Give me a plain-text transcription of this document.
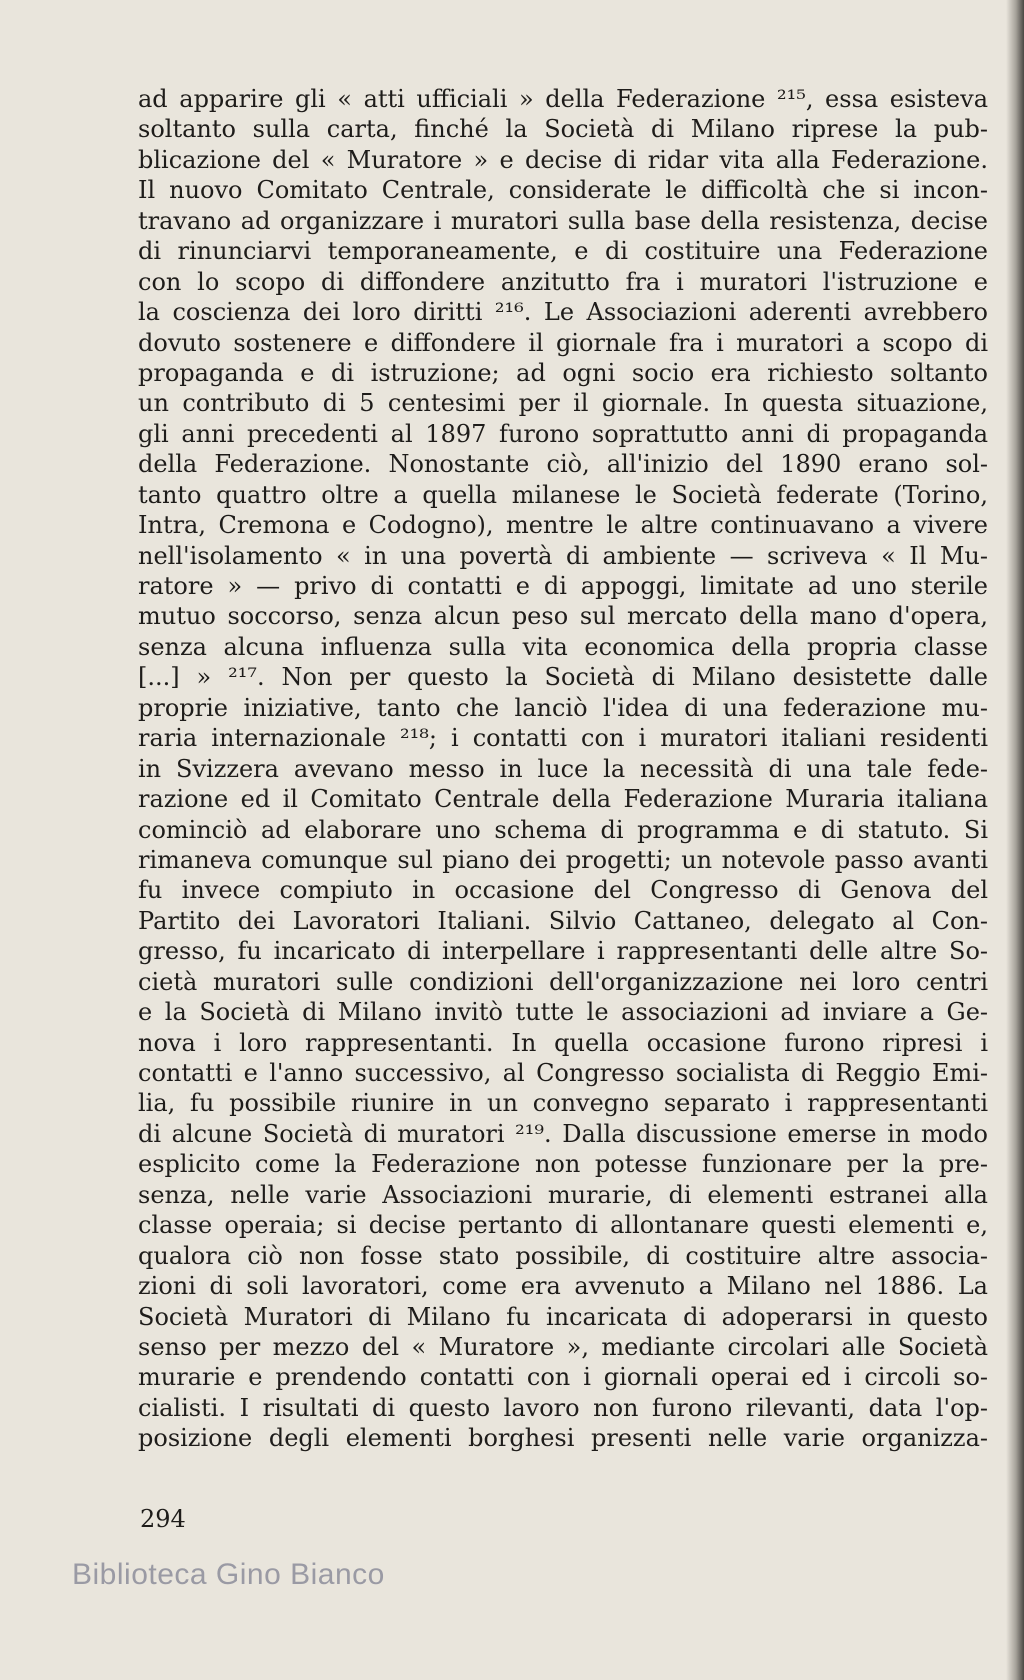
ad apparire gli « atti ufficiali » della Federazione ²¹⁵, essa esisteva
soltanto sulla carta, finché la Società di Milano riprese la pub-
blicazione del « Muratore » e decise di ridar vita alla Federazione.
Il nuovo Comitato Centrale, considerate le difficoltà che si incon-
travano ad organizzare i muratori sulla base della resistenza, decise
di rinunciarvi temporaneamente, e di costituire una Federazione
con lo scopo di diffondere anzitutto fra i muratori l'istruzione e
la coscienza dei loro diritti ²¹⁶. Le Associazioni aderenti avrebbero
dovuto sostenere e diffondere il giornale fra i muratori a scopo di
propaganda e di istruzione; ad ogni socio era richiesto soltanto
un contributo di 5 centesimi per il giornale. In questa situazione,
gli anni precedenti al 1897 furono soprattutto anni di propaganda
della Federazione. Nonostante ciò, all'inizio del 1890 erano sol-
tanto quattro oltre a quella milanese le Società federate (Torino,
Intra, Cremona e Codogno), mentre le altre continuavano a vivere
nell'isolamento « in una povertà di ambiente — scriveva « Il Mu-
ratore » — privo di contatti e di appoggi, limitate ad uno sterile
mutuo soccorso, senza alcun peso sul mercato della mano d'opera,
senza alcuna influenza sulla vita economica della propria classe
[...] » ²¹⁷. Non per questo la Società di Milano desistette dalle
proprie iniziative, tanto che lanciò l'idea di una federazione mu-
raria internazionale ²¹⁸; i contatti con i muratori italiani residenti
in Svizzera avevano messo in luce la necessità di una tale fede-
razione ed il Comitato Centrale della Federazione Muraria italiana
cominciò ad elaborare uno schema di programma e di statuto. Si
rimaneva comunque sul piano dei progetti; un notevole passo avanti
fu invece compiuto in occasione del Congresso di Genova del
Partito dei Lavoratori Italiani. Silvio Cattaneo, delegato al Con-
gresso, fu incaricato di interpellare i rappresentanti delle altre So-
cietà muratori sulle condizioni dell'organizzazione nei loro centri
e la Società di Milano invitò tutte le associazioni ad inviare a Ge-
nova i loro rappresentanti. In quella occasione furono ripresi i
contatti e l'anno successivo, al Congresso socialista di Reggio Emi-
lia, fu possibile riunire in un convegno separato i rappresentanti
di alcune Società di muratori ²¹⁹. Dalla discussione emerse in modo
esplicito come la Federazione non potesse funzionare per la pre-
senza, nelle varie Associazioni murarie, di elementi estranei alla
classe operaia; si decise pertanto di allontanare questi elementi e,
qualora ciò non fosse stato possibile, di costituire altre associa-
zioni di soli lavoratori, come era avvenuto a Milano nel 1886. La
Società Muratori di Milano fu incaricata di adoperarsi in questo
senso per mezzo del « Muratore », mediante circolari alle Società
murarie e prendendo contatti con i giornali operai ed i circoli so-
cialisti. I risultati di questo lavoro non furono rilevanti, data l'op-
posizione degli elementi borghesi presenti nelle varie organizza-
294
Biblioteca Gino Bianco
